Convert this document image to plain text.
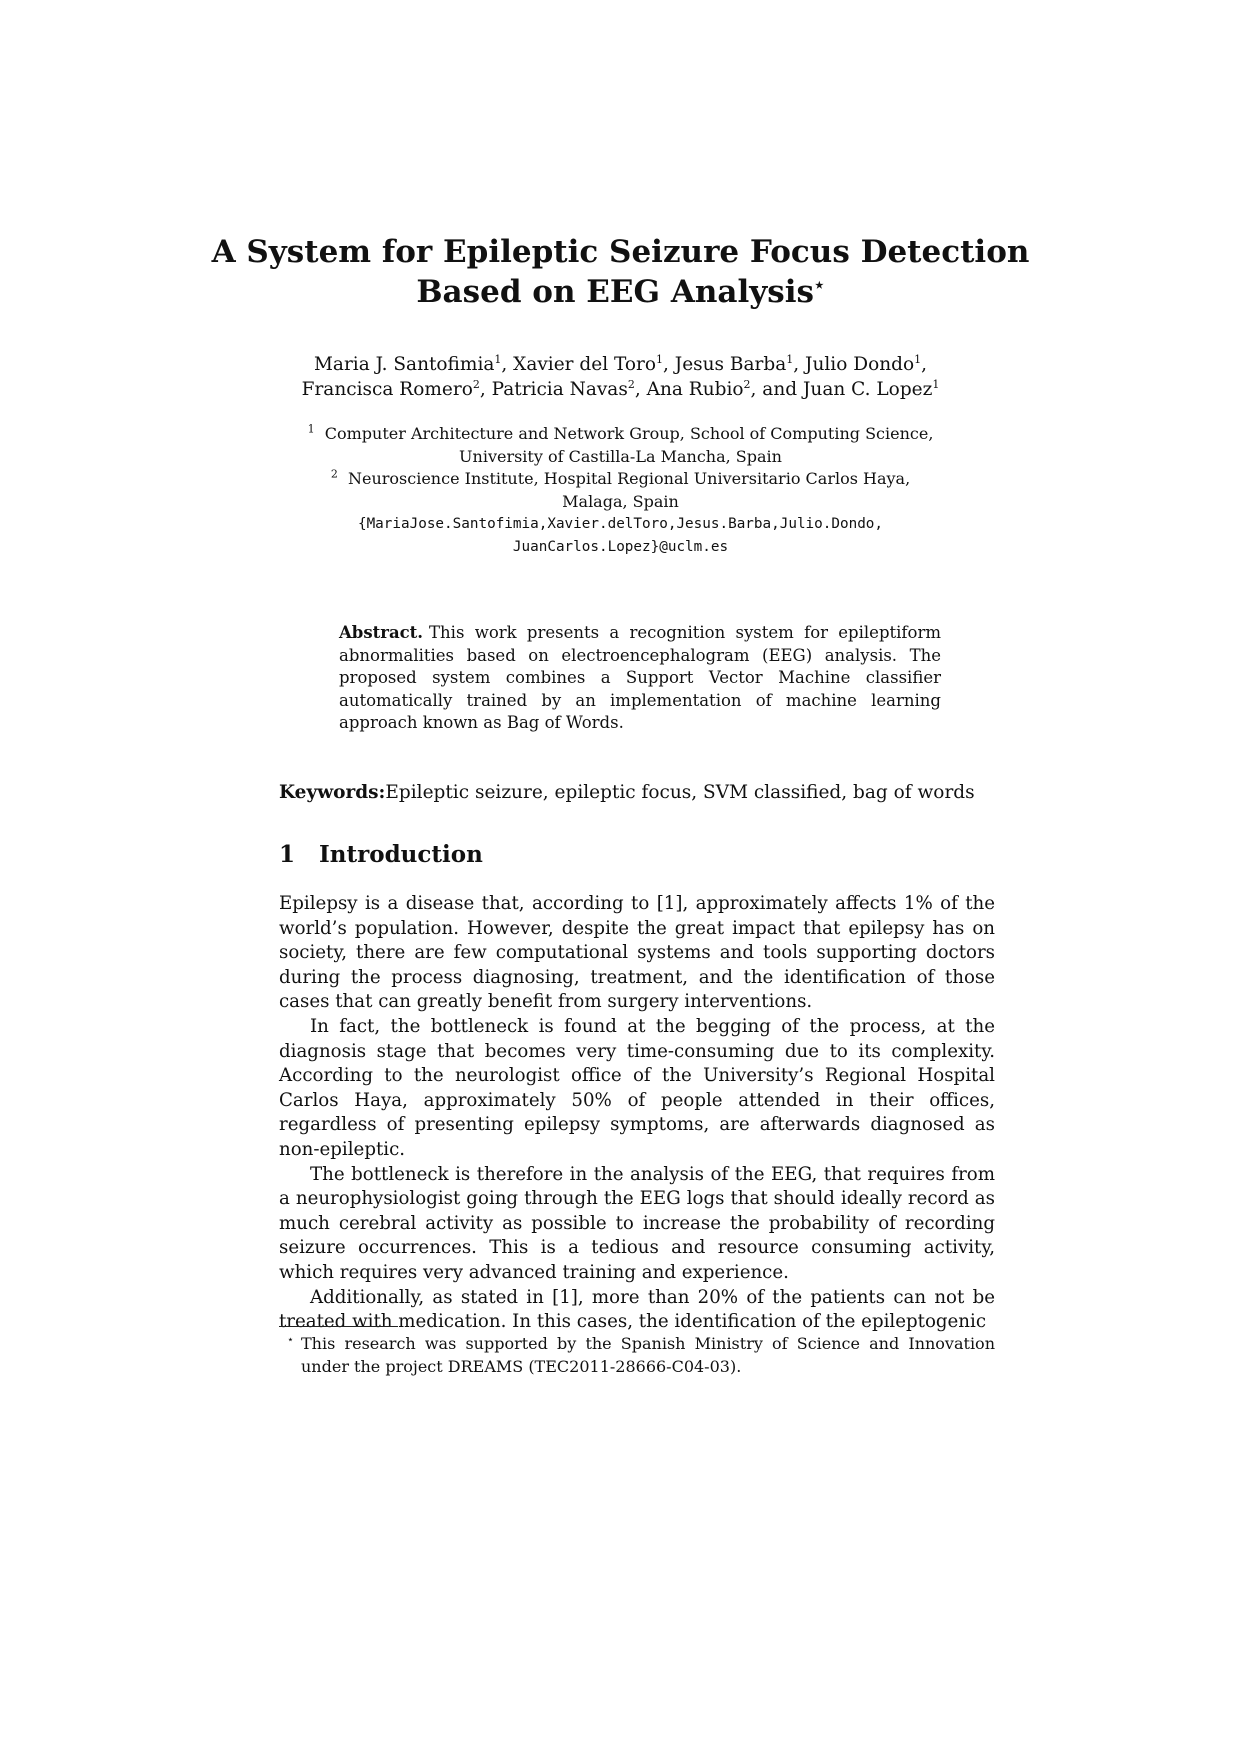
A System for Epileptic Seizure Focus Detection
Based on EEG Analysis⋆
Maria J. Santofimia$^1$, Xavier del Toro$^1$, Jesus Barba$^1$, Julio Dondo$^1$, Francisca Romero$^2$, Patricia Navas$^2$, Ana Rubio$^2$, and Juan C. Lopez$^1$
$^1$ Computer Architecture and Network Group, School of Computing Science,
University of Castilla-La Mancha, Spain
$^2$ Neuroscience Institute, Hospital Regional Universitario Carlos Haya,
Malaga, Spain
{MariaJose.Santofimia,Xavier.delToro,Jesus.Barba,Julio.Dondo,
JuanCarlos.Lopez}@uclm.es
Abstract. This work presents a recognition system for epileptiform abnormalities based on electroencephalogram (EEG) analysis. The proposed system combines a Support Vector Machine classifier automatically trained by an implementation of machine learning approach known as Bag of Words.
Keywords:Epileptic seizure, epileptic focus, SVM classified, bag of words
1 Introduction

Epilepsy is a disease that, according to [1], approximately affects 1% of the world’s population. However, despite the great impact that epilepsy has on society, there are few computational systems and tools supporting doctors during the process diagnosing, treatment, and the identification of those cases that can greatly benefit from surgery interventions.

In fact, the bottleneck is found at the begging of the process, at the diagnosis stage that becomes very time-consuming due to its complexity. According to the neurologist office of the University’s Regional Hospital Carlos Haya, approximately 50% of people attended in their offices, regardless of presenting epilepsy symptoms, are afterwards diagnosed as non-epileptic.

The bottleneck is therefore in the analysis of the EEG, that requires from a neurophysiologist going through the EEG logs that should ideally record as much cerebral activity as possible to increase the probability of recording seizure occurrences. This is a tedious and resource consuming activity, which requires very advanced training and experience.

Additionally, as stated in [1], more than 20% of the patients can not be treated with medication. In this cases, the identification of the epileptogenic

⋆ This research was supported by the Spanish Ministry of Science and Innovation under the project DREAMS (TEC2011-28666-C04-03).
